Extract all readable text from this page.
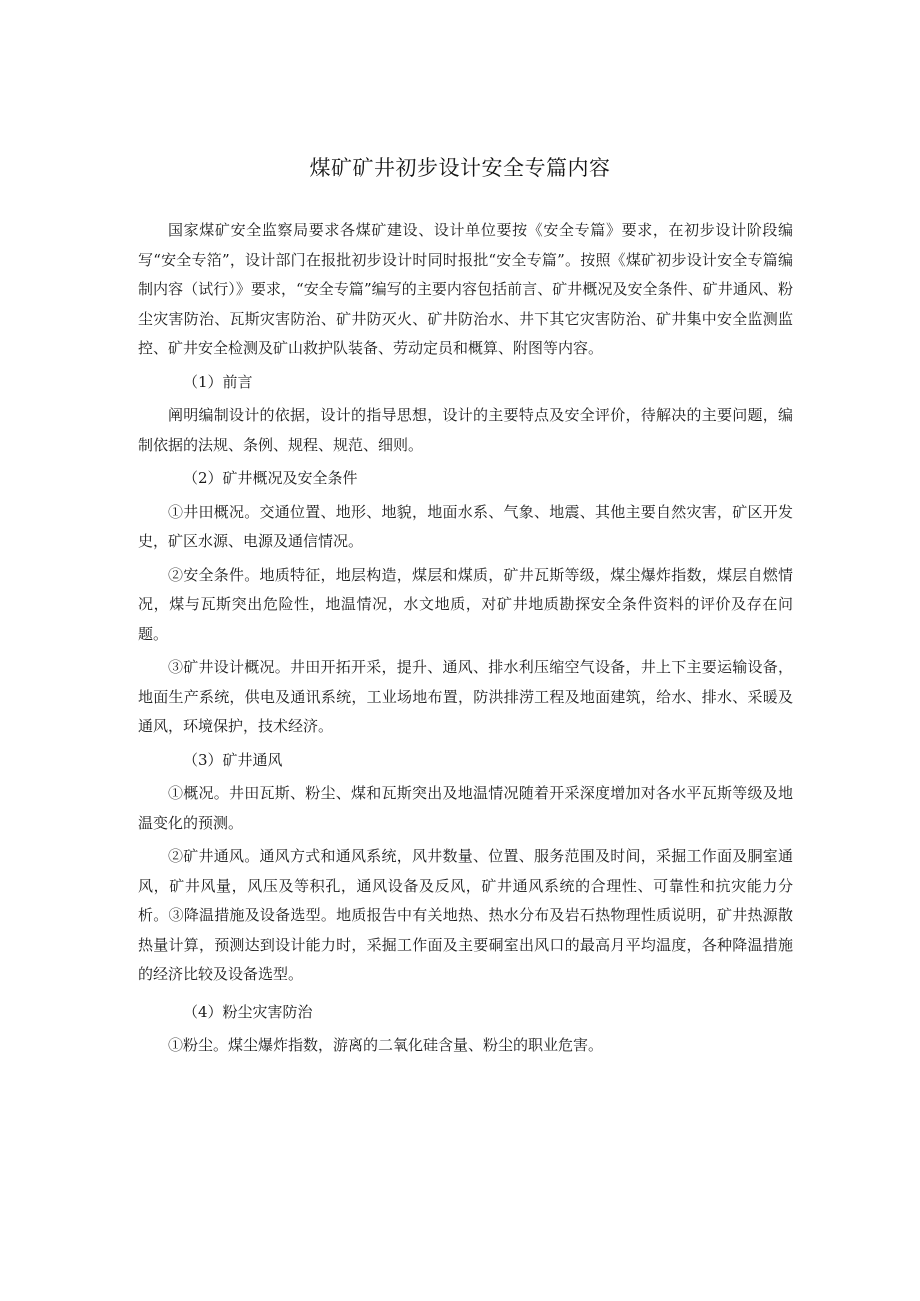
煤矿矿井初步设计安全专篇内容

国家煤矿安全监察局要求各煤矿建设、设计单位要按《安全专篇》要求，在初步设计阶段编写“安全专箔”，设计部门在报批初步设计时同时报批“安全专篇”。按照《煤矿初步设计安全专篇编制内容（试行）》要求，“安全专篇”编写的主要内容包括前言、矿井概况及安全条件、矿井通风、粉尘灾害防治、瓦斯灾害防治、矿井防灭火、矿井防治水、井下其它灾害防治、矿井集中安全监测监控、矿井安全检测及矿山救护队装备、劳动定员和概算、附图等内容。

（1）前言

阐明编制设计的依据，设计的指导思想，设计的主要特点及安全评价，待解决的主要问题，编制依据的法规、条例、规程、规范、细则。

（2）矿井概况及安全条件

①井田概况。交通位置、地形、地貌，地面水系、气象、地震、其他主要自然灾害，矿区开发史，矿区水源、电源及通信情况。

②安全条件。地质特征，地层构造，煤层和煤质，矿井瓦斯等级，煤尘爆炸指数，煤层自燃情况，煤与瓦斯突出危险性，地温情况，水文地质，对矿井地质勘探安全条件资料的评价及存在问题。

③矿井设计概况。井田开拓开采，提升、通风、排水利压缩空气设备，井上下主要运输设备，地面生产系统，供电及通讯系统，工业场地布置，防洪排涝工程及地面建筑，给水、排水、采暖及通风，环境保护，技术经济。

（3）矿井通风

①概况。井田瓦斯、粉尘、煤和瓦斯突出及地温情况随着开采深度增加对各水平瓦斯等级及地温变化的预测。

②矿井通风。通风方式和通风系统，风井数量、位置、服务范围及时间，采掘工作面及胴室通风，矿井风量，风压及等积孔，通风设备及反风，矿井通风系统的合理性、可靠性和抗灾能力分析。③降温措施及设备选型。地质报告中有关地热、热水分布及岩石热物理性质说明，矿井热源散热量计算，预测达到设计能力时，采掘工作面及主要硐室出风口的最高月平均温度，各种降温措施的经济比较及设备选型。

（4）粉尘灾害防治

①粉尘。煤尘爆炸指数，游离的二氧化硅含量、粉尘的职业危害。
